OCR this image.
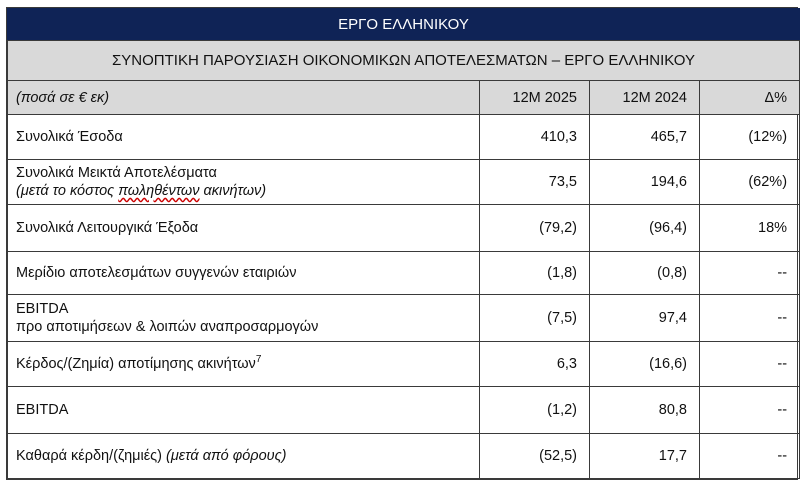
ΕΡΓΟ ΕΛΛΗΝΙΚΟΥ			
ΣΥΝΟΠΤΙΚΗ ΠΑΡΟΥΣΙΑΣΗ ΟΙΚΟΝΟΜΙΚΩΝ ΑΠΟΤΕΛΕΣΜΑΤΩΝ – ΕΡΓΟ ΕΛΛΗΝΙΚΟΥ			
(ποσά σε € εκ)	12Μ 2025	12Μ 2024	Δ%
Συνολικά Έσοδα	410,3	465,7	(12%)

Συνολικά Μεικτά Αποτελέσματα
(μετά το κόστος πωληθέντων ακινήτων)	73,5	194,6	(62%)
Συνολικά Λειτουργικά Έξοδα	(79,2)	(96,4)	18%
Μερίδιο αποτελεσμάτων συγγενών εταιριών	(1,8)	(0,8)	--

EBITDA
προ αποτιμήσεων & λοιπών αναπροσαρμογών	(7,5)	97,4	--
Κέρδος/(Ζημία) αποτίμησης ακινήτων$^7$	6,3	(16,6)	--
EBITDA	(1,2)	80,8	--
Καθαρά κέρδη/(ζημιές) (μετά από φόρους)	(52,5)	17,7	--
